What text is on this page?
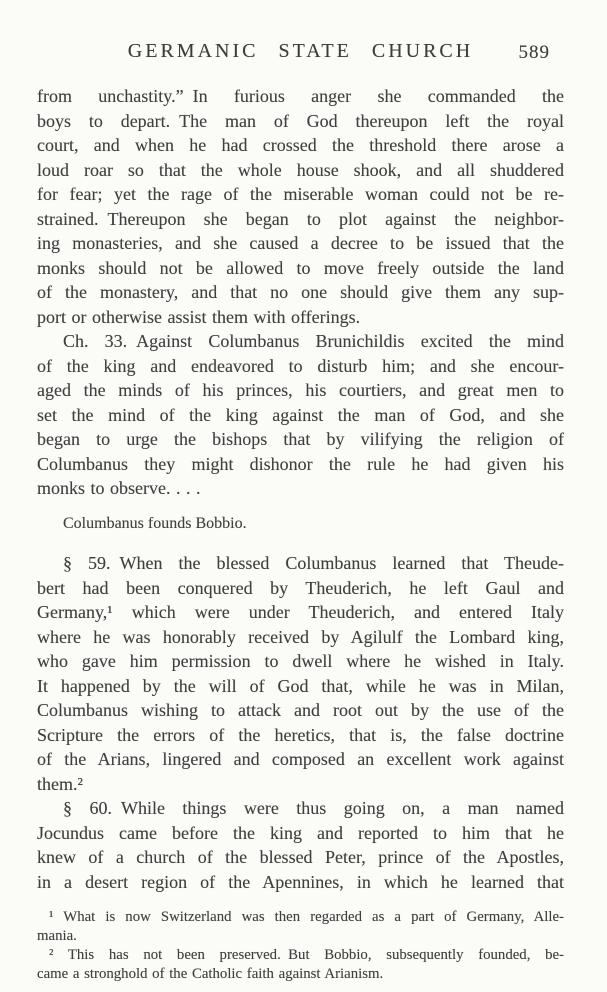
GERMANIC STATE CHURCH	589
from unchastity.” In furious anger she commanded the
boys to depart. The man of God thereupon left the royal
court, and when he had crossed the threshold there arose a
loud roar so that the whole house shook, and all shuddered
for fear; yet the rage of the miserable woman could not be re-
strained. Thereupon she began to plot against the neighbor-
ing monasteries, and she caused a decree to be issued that the
monks should not be allowed to move freely outside the land
of the monastery, and that no one should give them any sup-
port or otherwise assist them with offerings.
Ch. 33. Against Columbanus Brunichildis excited the mind
of the king and endeavored to disturb him; and she encour-
aged the minds of his princes, his courtiers, and great men to
set the mind of the king against the man of God, and she
began to urge the bishops that by vilifying the religion of
Columbanus they might dishonor the rule he had given his
monks to observe. . . .
Columbanus founds Bobbio.
§ 59. When the blessed Columbanus learned that Theude-
bert had been conquered by Theuderich, he left Gaul and
Germany,¹ which were under Theuderich, and entered Italy
where he was honorably received by Agilulf the Lombard king,
who gave him permission to dwell where he wished in Italy.
It happened by the will of God that, while he was in Milan,
Columbanus wishing to attack and root out by the use of the
Scripture the errors of the heretics, that is, the false doctrine
of the Arians, lingered and composed an excellent work against
them.²
§ 60. While things were thus going on, a man named
Jocundus came before the king and reported to him that he
knew of a church of the blessed Peter, prince of the Apostles,
in a desert region of the Apennines, in which he learned that
¹ What is now Switzerland was then regarded as a part of Germany, Alle-
mania.
² This has not been preserved. But Bobbio, subsequently founded, be-
came a stronghold of the Catholic faith against Arianism.
